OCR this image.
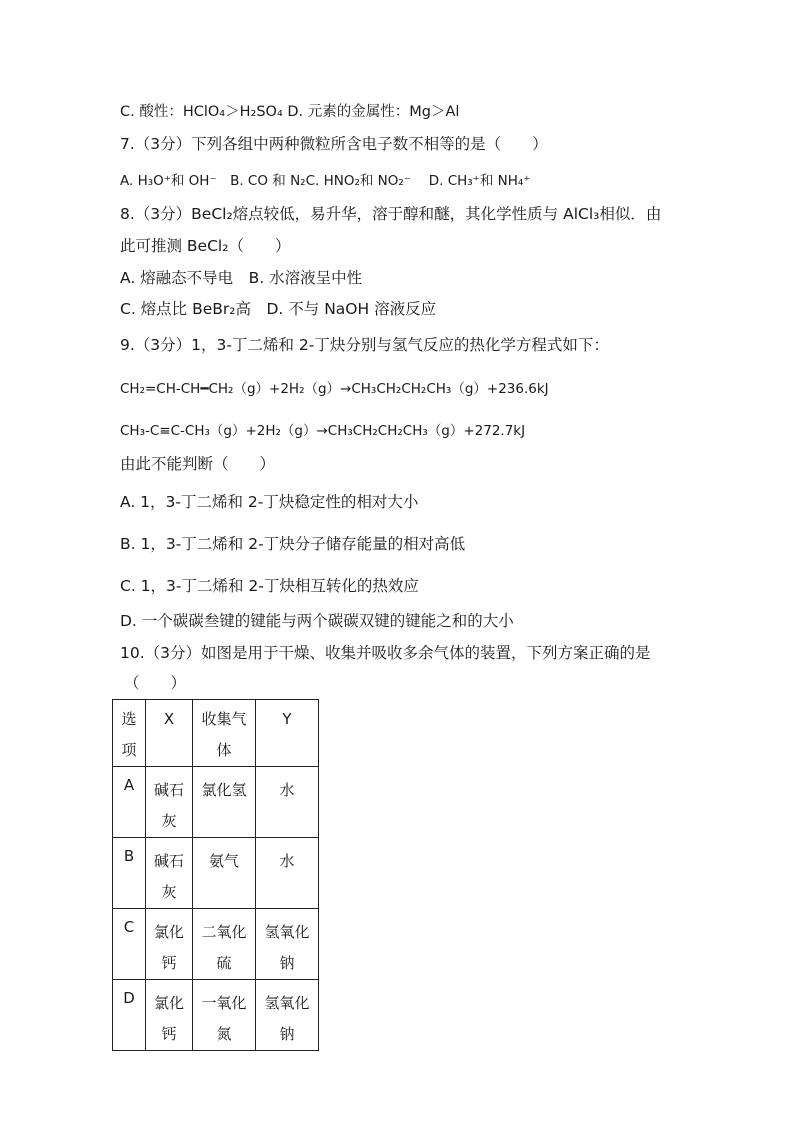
C. 酸性：HClO₄＞H₂SO₄ D. 元素的金属性：Mg＞Al
7.（3分）下列各组中两种微粒所含电子数不相等的是（　　）
A. H₃O⁺和 OH⁻　B. CO 和 N₂C. HNO₂和 NO₂⁻　 D. CH₃⁺和 NH₄⁺
8.（3分）BeCl₂熔点较低，易升华，溶于醇和醚，其化学性质与 AlCl₃相似．由
此可推测 BeCl₂（　　）
A. 熔融态不导电　B. 水溶液呈中性
C. 熔点比 BeBr₂高　D. 不与 NaOH 溶液反应
9.（3分）1，3-丁二烯和 2-丁炔分别与氢气反应的热化学方程式如下：
CH₂=CH-CH━CH₂（g）+2H₂（g）→CH₃CH₂CH₂CH₃（g）+236.6kJ
CH₃-C≡C-CH₃（g）+2H₂（g）→CH₃CH₂CH₂CH₃（g）+272.7kJ
由此不能判断（　　）
A. 1，3-丁二烯和 2-丁炔稳定性的相对大小
B. 1，3-丁二烯和 2-丁炔分子储存能量的相对高低
C. 1，3-丁二烯和 2-丁炔相互转化的热效应
D. 一个碳碳叁键的键能与两个碳碳双键的键能之和的大小
10.（3分）如图是用于干燥、收集并吸收多余气体的装置，下列方案正确的是
（　　）
选项	X	收集气体	Y
A	碱石灰	氯化氢	水
B	碱石灰	氨气	水
C	氯化钙	二氧化硫	氢氧化钠
D	氯化钙	一氧化氮	氢氧化钠
